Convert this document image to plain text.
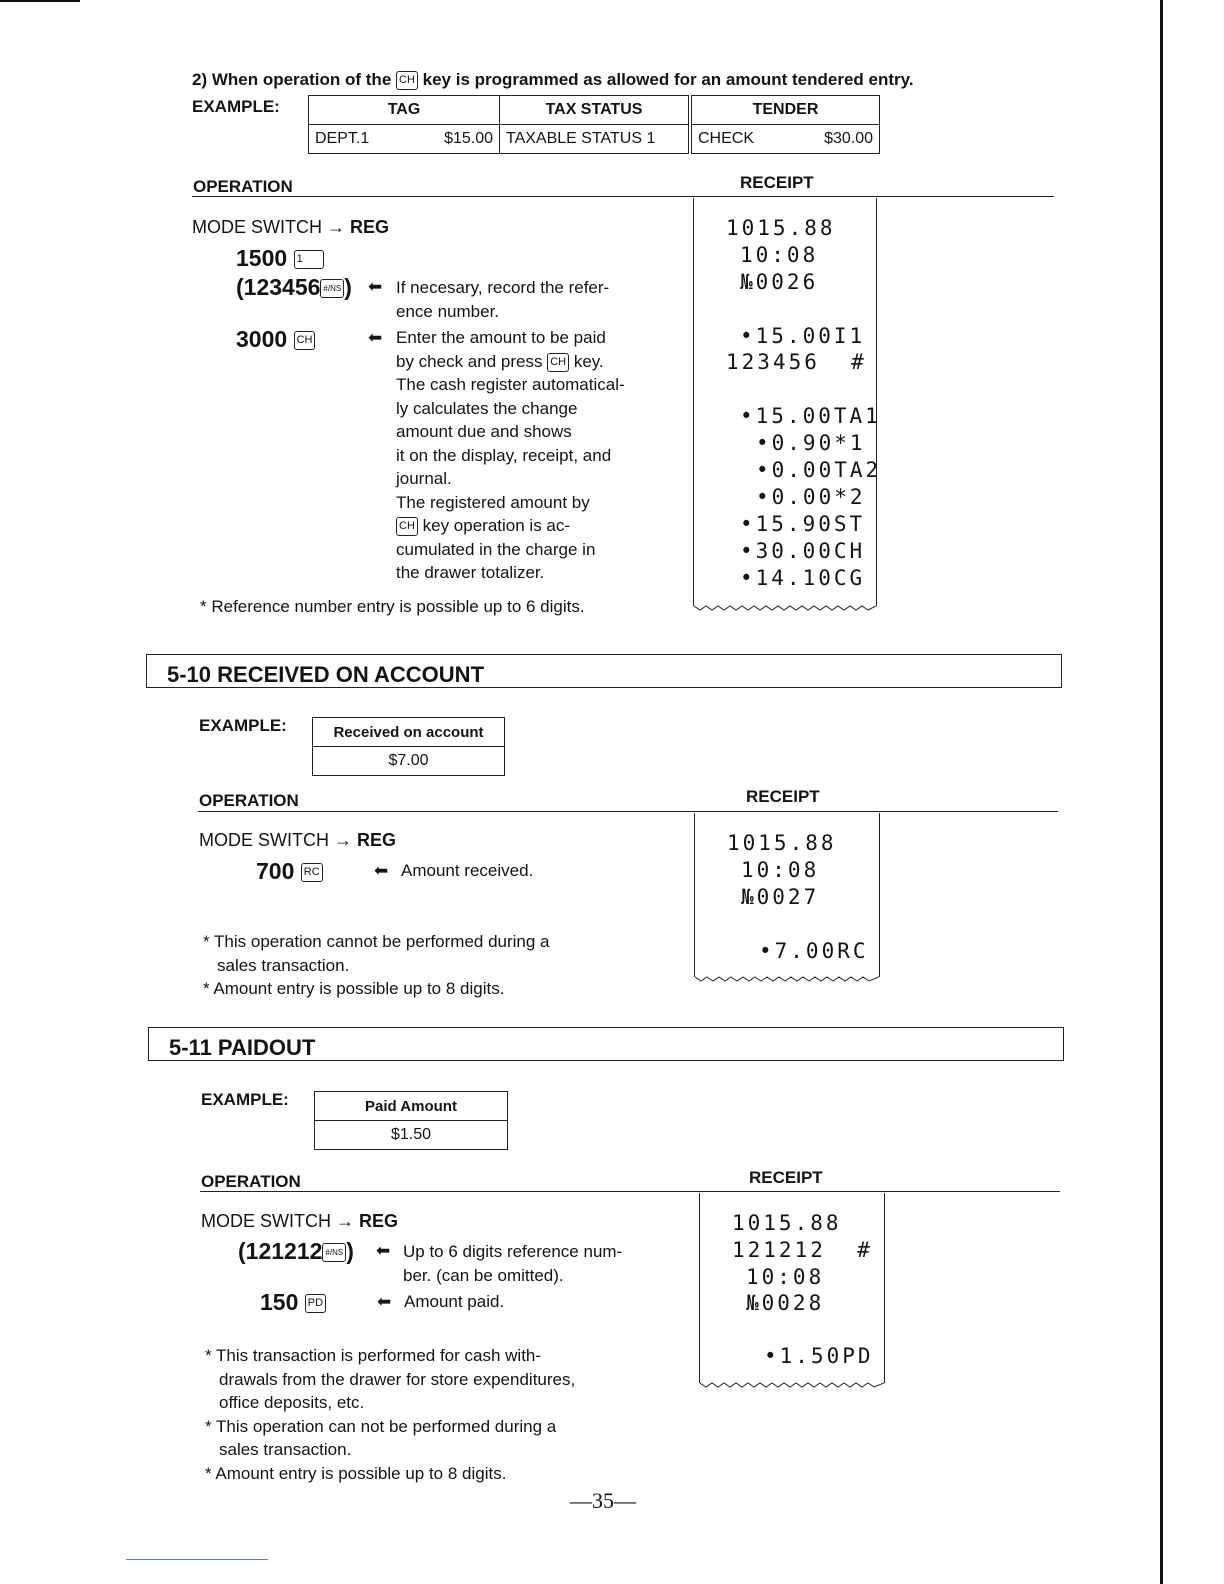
2) When operation of the CH key is programmed as allowed for an amount tendered entry.
EXAMPLE:	TAG	TAX STATUS	TENDER
DEPT.1 $15.00	TAXABLE STATUS 1	CHECK $30.00
OPERATION	RECEIPT
MODE SWITCH → REG
1500 1
(123456 #/NS ) ⬅ If necesary, record the refer-
ence number.
3000 CH	⬅ Enter the amount to be paid
by check and press CH key.
The cash register automatical-
ly calculates the change
amount due and shows
it on the display, receipt, and
journal.
The registered amount by
CH key operation is ac-
cumulated in the charge in
the drawer totalizer.
* Reference number entry is possible up to 6 digits.
1015.88
10:08
№0026
•15.00I1
123456  #
•15.00TA1
•0.90*1
•0.00TA2
•0.00*2
•15.90ST
•30.00CH
•14.10CG
5-10 RECEIVED ON ACCOUNT
EXAMPLE:	Received on account
$7.00
OPERATION	RECEIPT
MODE SWITCH → REG
700 RC	⬅ Amount received.
* This operation cannot be performed during a
sales transaction.
* Amount entry is possible up to 8 digits.
1015.88
10:08
№0027
•7.00RC
5-11 PAIDOUT
EXAMPLE:	Paid Amount
$1.50
OPERATION	RECEIPT
MODE SWITCH → REG
(121212 #/NS ) ⬅ Up to 6 digits reference num-
ber. (can be omitted).
150 PD	⬅ Amount paid.
* This transaction is performed for cash with-
drawals from the drawer for store expenditures,
office deposits, etc.
* This operation can not be performed during a
sales transaction.
* Amount entry is possible up to 8 digits.
1015.88
121212  #
10:08
№0028
•1.50PD
—35—
